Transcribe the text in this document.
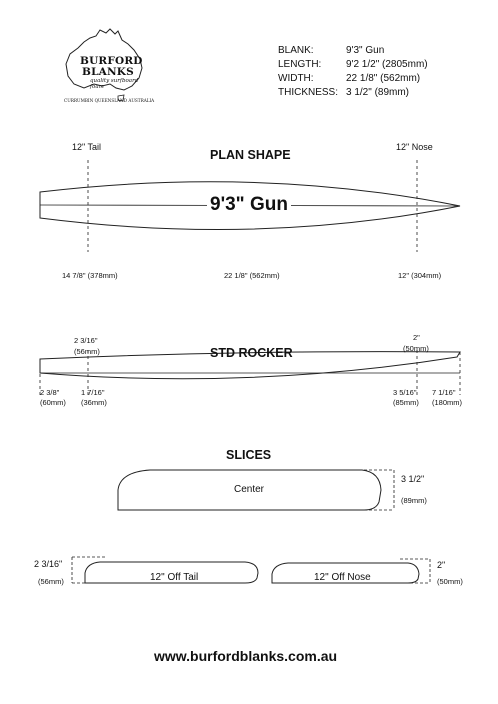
BURFORD
BLANKS
quality surfboard foam
CURRUMBIN QUEENSLAND AUSTRALIA
BLANK:	9'3" Gun
LENGTH: 9'2 1/2" (2805mm)
WIDTH:	22 1/8" (562mm)
THICKNESS: 3 1/2" (89mm)
PLAN SHAPE
12" Tail	12" Nose
9'3" Gun
14 7/8" (378mm)	22 1/8" (562mm)	12" (304mm)
STD ROCKER
2 3/16"
(56mm)
2"
(50mm)
2 3/8"
(60mm)
1 7/16"
(36mm)
3 5/16"
(85mm)
7 1/16"
(180mm)
SLICES
Center
3 1/2"
(89mm)
12" Off Tail
2 3/16"
(56mm)	12" Off Nose
2"
(50mm)
www.burfordblanks.com.au
